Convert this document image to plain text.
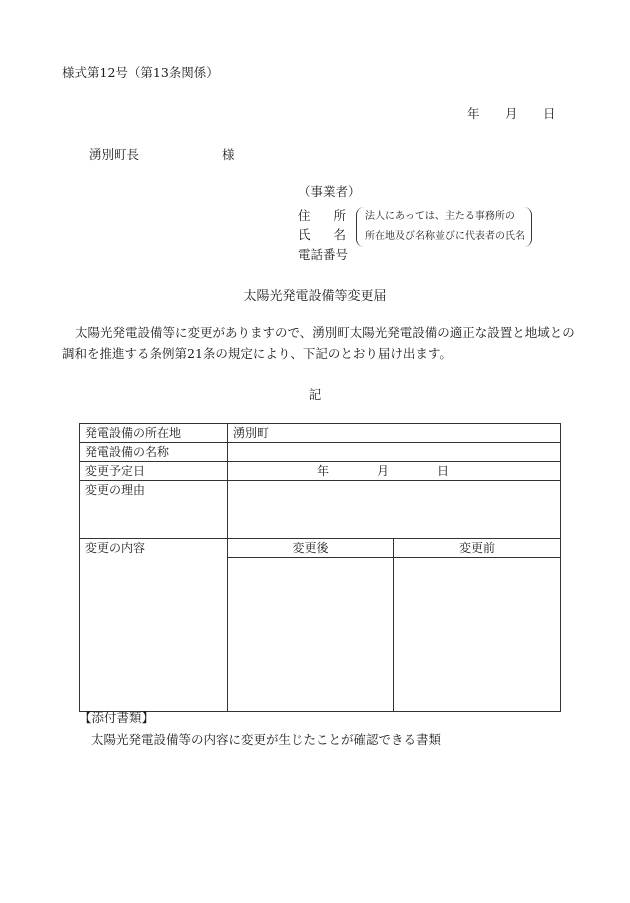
様式第12号（第13条関係）
年 月 日
湧別町長	様
（事業者）
住 所
氏 名
電話番号
法人にあっては、主たる事務所の
所在地及び名称並びに代表者の氏名
太陽光発電設備等変更届
太陽光発電設備等に変更がありますので、湧別町太陽光発電設備の適正な設置と地域との調和を推進する条例第21条の規定により、下記のとおり届け出ます。
記
発電設備の所在地	湧別町	
発電設備の名称		
変更予定日	年 月 日	
変更の理由		
変更の内容	変更後	変更前

【添付書類】
太陽光発電設備等の内容に変更が生じたことが確認できる書類
